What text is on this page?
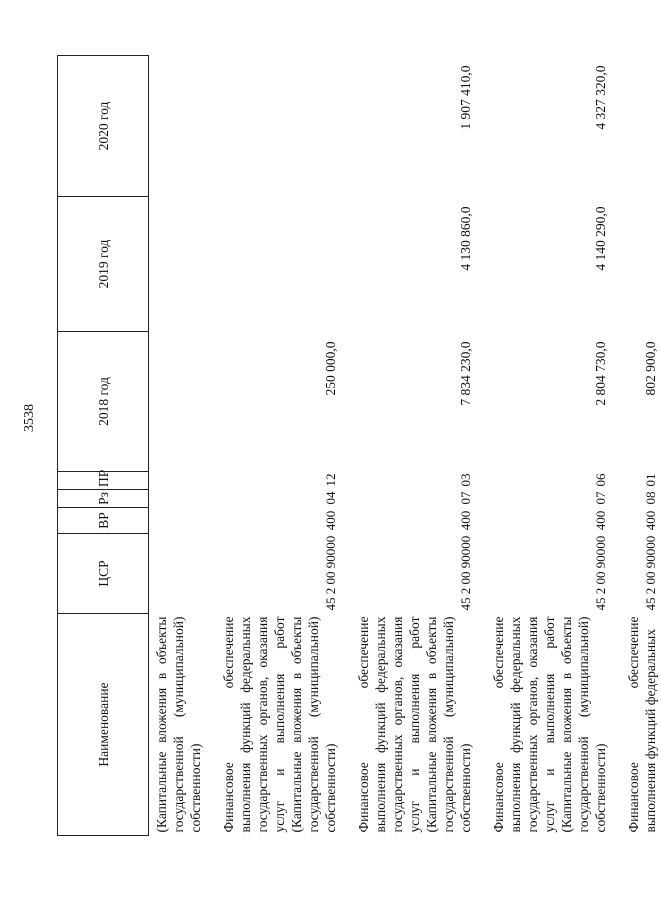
3538
Наименование	ЦСР	ВР	Рз	ПР	2018 год	2019 год	2020 год
(Капитальные вложения в объекты государственной (муниципальной) собственности)							
Финансовое обеспечение выполнения функций федеральных государственных органов, оказания услуг и выполнения работ (Капитальные вложения в объекты государственной (муниципальной) собственности)	45 2 00 90000	400	04	12	250 000,0		
Финансовое обеспечение выполнения функций федеральных государственных органов, оказания услуг и выполнения работ (Капитальные вложения в объекты государственной (муниципальной) собственности)	45 2 00 90000	400	07	03	7 834 230,0	4 130 860,0	1 907 410,0
Финансовое обеспечение выполнения функций федеральных государственных органов, оказания услуг и выполнения работ (Капитальные вложения в объекты государственной (муниципальной) собственности)	45 2 00 90000	400	07	06	2 804 730,0	4 140 290,0	4 327 320,0
Финансовое обеспечение выполнения функций федеральных	45 2 00 90000	400	08	01	802 900,0		
